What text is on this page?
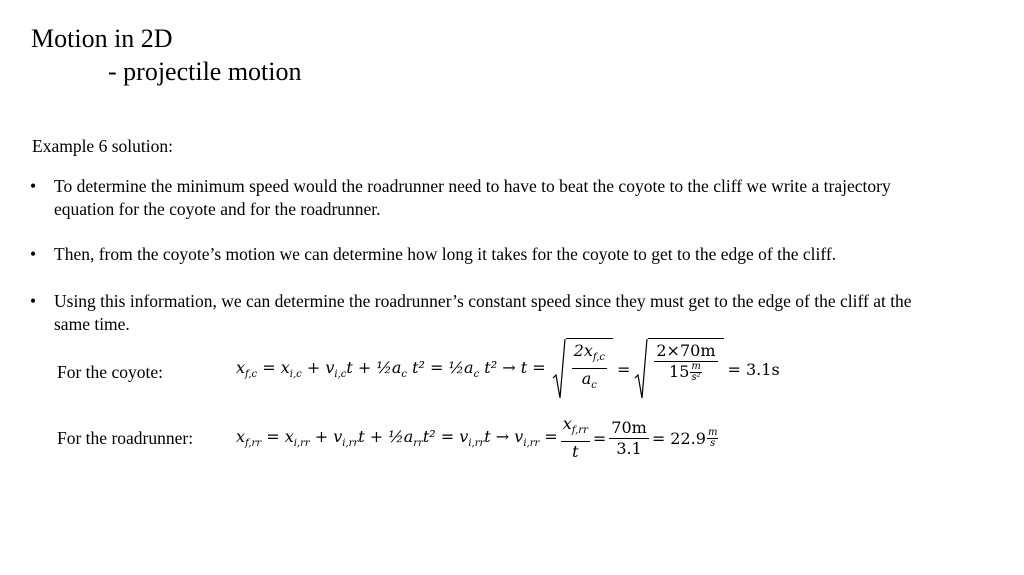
Motion in 2D
- projectile motion
Example 6 solution:
•	To determine the minimum speed would the roadrunner need to have to beat the coyote to the cliff we write a trajectory equation for the coyote and for the roadrunner.
•	Then, from the coyote’s motion we can determine how long it takes for the coyote to get to the edge of the cliff.
•	Using this information, we can determine the roadrunner’s constant speed since they must get to the edge of the cliff at the same time.
For the coyote:	$x_{f,c} = x_{i,c} + v_{i,c}t$ + $\frac{1}{2}a_c$ $t^2 = \frac{1}{2}a_c$ $t^2 \to t = \frac{2x_{f,c}}{a_c} = \frac{2\times 70m}{15 \frac{m}{\text{s²}}} = 3.1s$
For the roadrunner:	$x_{f,rr} = x_{i,rr} + v_{i,rr}t$ + $\frac{1}{2}a_{rr}t^2 = v_{i,rr}t \to v_{i,rr} = \frac{x_{f,rr}}{t} = \frac{70m}{3.1} = 22.9 \frac{m}{s}$
